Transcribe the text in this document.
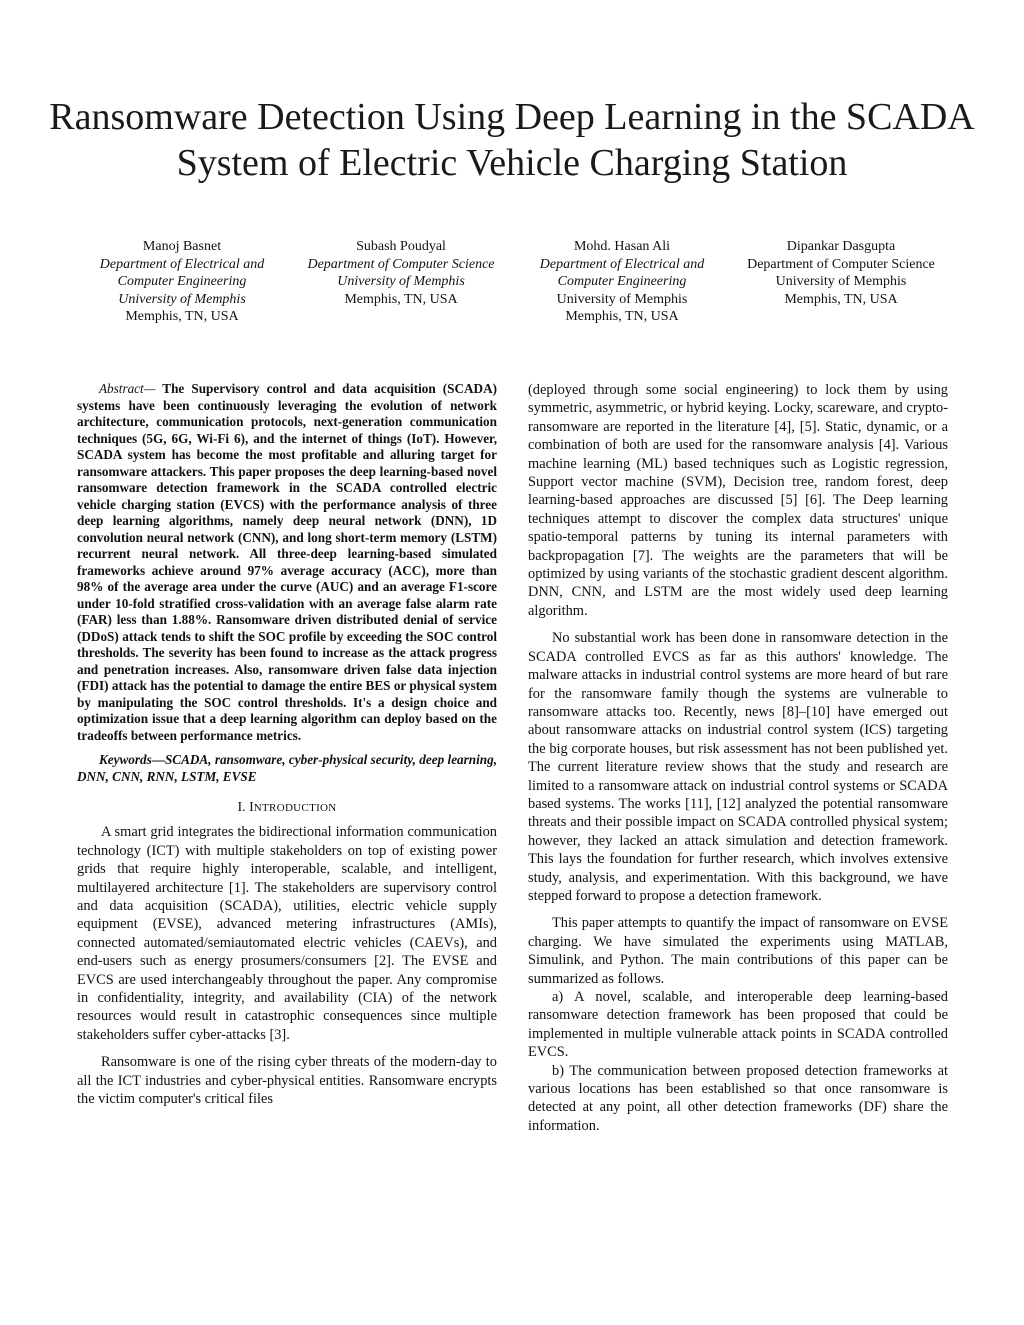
Ransomware Detection Using Deep Learning in the SCADA System of Electric Vehicle Charging Station
Manoj Basnet
Department of Electrical and Computer Engineering
University of Memphis
Memphis, TN, USA
Subash Poudyal
Department of Computer Science
University of Memphis
Memphis, TN, USA
Mohd. Hasan Ali
Department of Electrical and Computer Engineering
University of Memphis
Memphis, TN, USA
Dipankar Dasgupta
Department of Computer Science
University of Memphis
Memphis, TN, USA

Abstract— The Supervisory control and data acquisition (SCADA) systems have been continuously leveraging the evolution of network architecture, communication protocols, next-generation communication techniques (5G, 6G, Wi-Fi 6), and the internet of things (IoT). However, SCADA system has become the most profitable and alluring target for ransomware attackers. This paper proposes the deep learning-based novel ransomware detection framework in the SCADA controlled electric vehicle charging station (EVCS) with the performance analysis of three deep learning algorithms, namely deep neural network (DNN), 1D convolution neural network (CNN), and long short-term memory (LSTM) recurrent neural network. All three-deep learning-based simulated frameworks achieve around 97% average accuracy (ACC), more than 98% of the average area under the curve (AUC) and an average F1-score under 10-fold stratified cross-validation with an average false alarm rate (FAR) less than 1.88%. Ransomware driven distributed denial of service (DDoS) attack tends to shift the SOC profile by exceeding the SOC control thresholds. The severity has been found to increase as the attack progress and penetration increases. Also, ransomware driven false data injection (FDI) attack has the potential to damage the entire BES or physical system by manipulating the SOC control thresholds. It's a design choice and optimization issue that a deep learning algorithm can deploy based on the tradeoffs between performance metrics.

Keywords—SCADA, ransomware, cyber-physical security, deep learning, DNN, CNN, RNN, LSTM, EVSE

I. INTRODUCTION

A smart grid integrates the bidirectional information communication technology (ICT) with multiple stakeholders on top of existing power grids that require highly interoperable, scalable, and intelligent, multilayered architecture [1]. The stakeholders are supervisory control and data acquisition (SCADA), utilities, electric vehicle supply equipment (EVSE), advanced metering infrastructures (AMIs), connected automated/semiautomated electric vehicles (CAEVs), and end-users such as energy prosumers/consumers [2]. The EVSE and EVCS are used interchangeably throughout the paper. Any compromise in confidentiality, integrity, and availability (CIA) of the network resources would result in catastrophic consequences since multiple stakeholders suffer cyber-attacks [3].

Ransomware is one of the rising cyber threats of the modern-day to all the ICT industries and cyber-physical entities. Ransomware encrypts the victim computer's critical files

(deployed through some social engineering) to lock them by using symmetric, asymmetric, or hybrid keying. Locky, scareware, and crypto-ransomware are reported in the literature [4], [5]. Static, dynamic, or a combination of both are used for the ransomware analysis [4]. Various machine learning (ML) based techniques such as Logistic regression, Support vector machine (SVM), Decision tree, random forest, deep learning-based approaches are discussed [5] [6]. The Deep learning techniques attempt to discover the complex data structures' unique spatio-temporal patterns by tuning its internal parameters with backpropagation [7]. The weights are the parameters that will be optimized by using variants of the stochastic gradient descent algorithm. DNN, CNN, and LSTM are the most widely used deep learning algorithm.

No substantial work has been done in ransomware detection in the SCADA controlled EVCS as far as this authors' knowledge. The malware attacks in industrial control systems are more heard of but rare for the ransomware family though the systems are vulnerable to ransomware attacks too. Recently, news [8]–[10] have emerged out about ransomware attacks on industrial control system (ICS) targeting the big corporate houses, but risk assessment has not been published yet. The current literature review shows that the study and research are limited to a ransomware attack on industrial control systems or SCADA based systems. The works [11], [12] analyzed the potential ransomware threats and their possible impact on SCADA controlled physical system; however, they lacked an attack simulation and detection framework. This lays the foundation for further research, which involves extensive study, analysis, and experimentation. With this background, we have stepped forward to propose a detection framework.

This paper attempts to quantify the impact of ransomware on EVSE charging. We have simulated the experiments using MATLAB, Simulink, and Python. The main contributions of this paper can be summarized as follows.

a) A novel, scalable, and interoperable deep learning-based ransomware detection framework has been proposed that could be implemented in multiple vulnerable attack points in SCADA controlled EVCS.

b) The communication between proposed detection frameworks at various locations has been established so that once ransomware is detected at any point, all other detection frameworks (DF) share the information.
